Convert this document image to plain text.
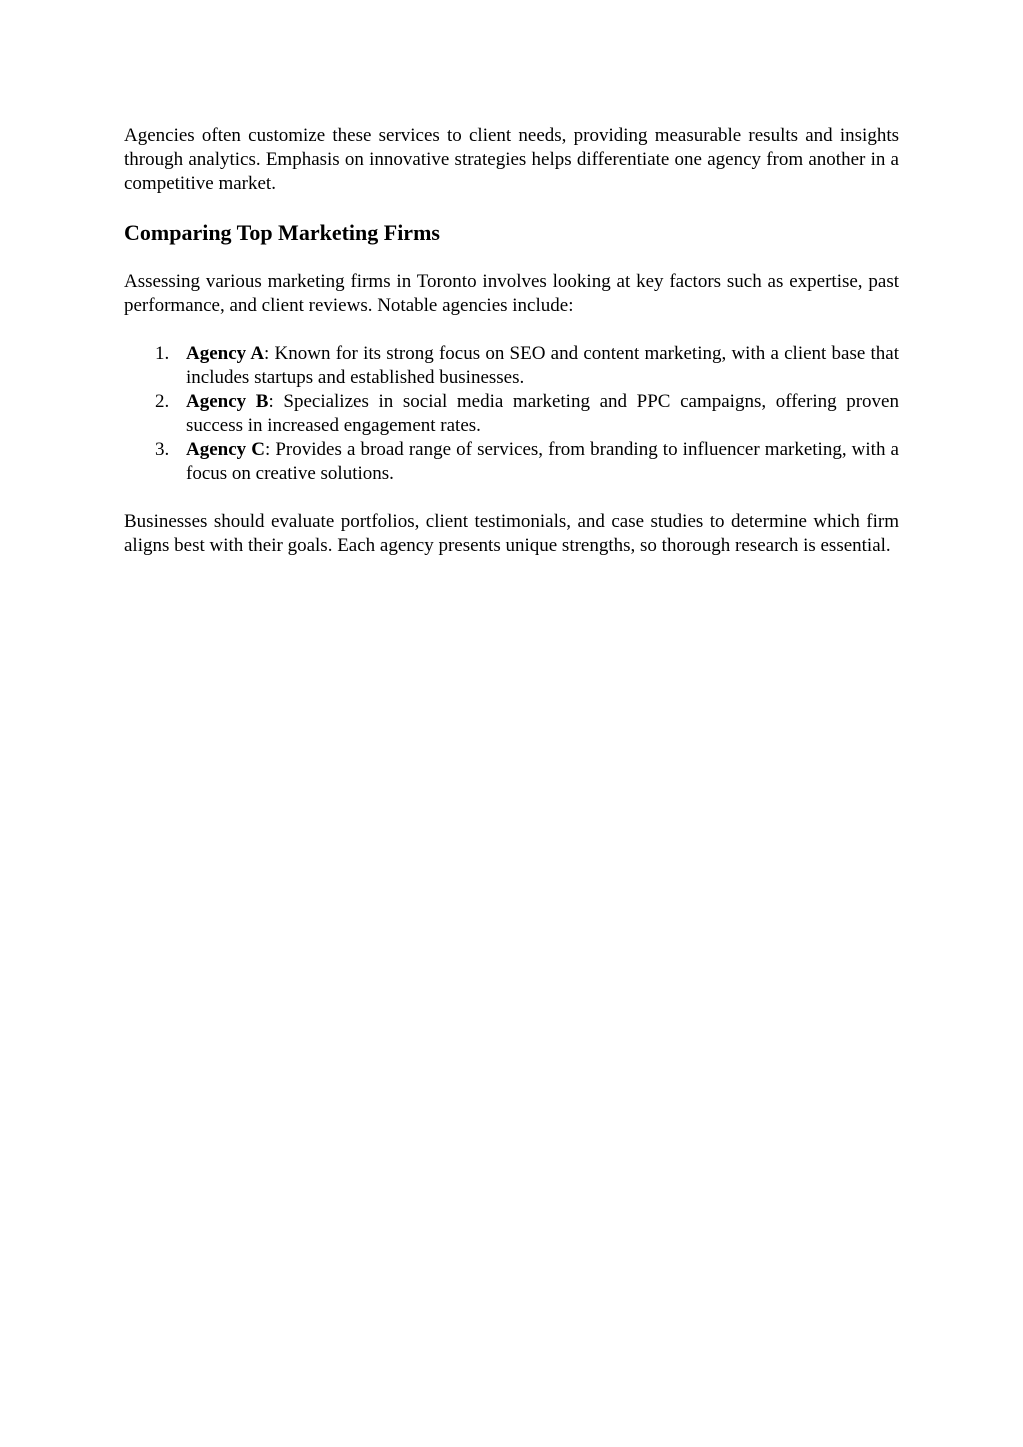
Agencies often customize these services to client needs, providing measurable results and insights through analytics. Emphasis on innovative strategies helps differentiate one agency from another in a competitive market.

Comparing Top Marketing Firms

Assessing various marketing firms in Toronto involves looking at key factors such as expertise, past performance, and client reviews. Notable agencies include:

1. Agency A: Known for its strong focus on SEO and content marketing, with a client base that includes startups and established businesses.
2. Agency B: Specializes in social media marketing and PPC campaigns, offering proven success in increased engagement rates.
3. Agency C: Provides a broad range of services, from branding to influencer marketing, with a focus on creative solutions.

Businesses should evaluate portfolios, client testimonials, and case studies to determine which firm aligns best with their goals. Each agency presents unique strengths, so thorough research is essential.
